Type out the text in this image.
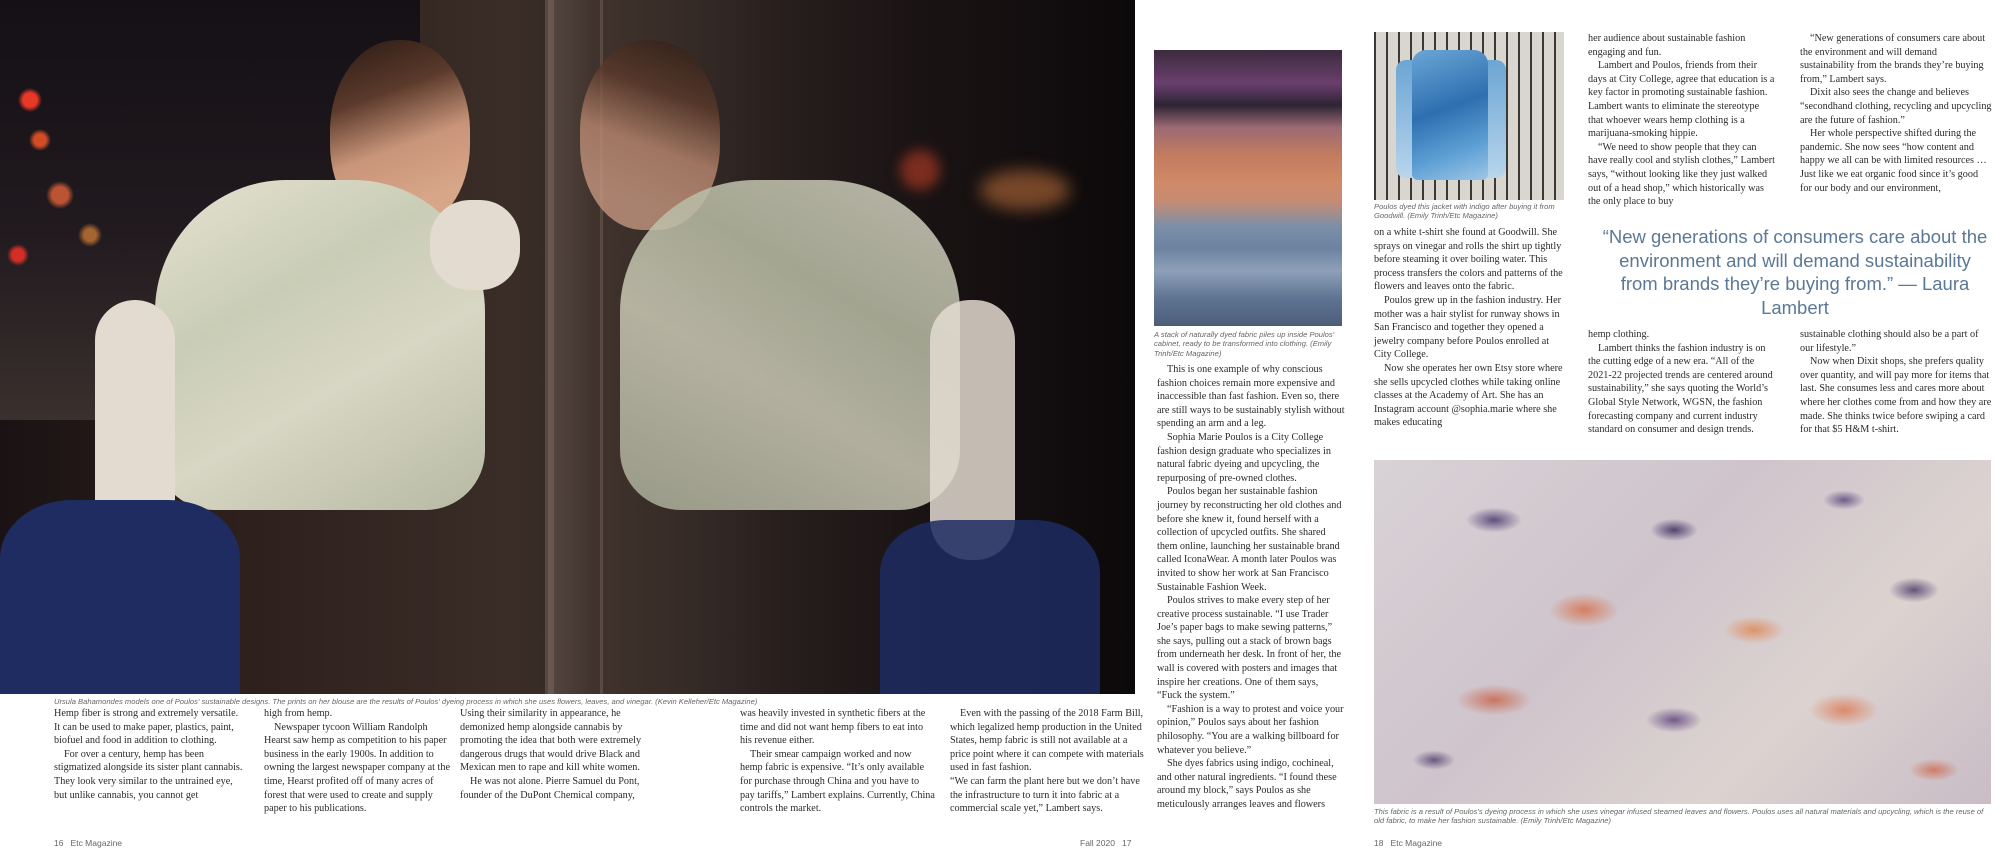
Ursula Bahamondes models one of Poulos' sustainable designs. The prints on her blouse are the results of Poulos' dyeing process in which she uses flowers, leaves, and vinegar. (Kevin Kelleher/Etc Magazine)

Hemp fiber is strong and extremely versatile. It can be used to make paper, plastics, paint, biofuel and food in addition to clothing.

For over a century, hemp has been stigmatized alongside its sister plant cannabis. They look very similar to the untrained eye, but unlike cannabis, you cannot get

high from hemp.

Newspaper tycoon William Randolph Hearst saw hemp as competition to his paper business in the early 1900s. In addition to owning the largest newspaper company at the time, Hearst profited off of many acres of forest that were used to create and supply paper to his publications.

Using their similarity in appearance, he demonized hemp alongside cannabis by promoting the idea that both were extremely dangerous drugs that would drive Black and Mexican men to rape and kill white women.

He was not alone. Pierre Samuel du Pont, founder of the DuPont Chemical company,

was heavily invested in synthetic fibers at the time and did not want hemp fibers to eat into his revenue either.

Their smear campaign worked and now hemp fabric is expensive. “It’s only available for purchase through China and you have to pay tariffs,” Lambert explains. Currently, China controls the market.

Even with the passing of the 2018 Farm Bill, which legalized hemp production in the United States, hemp fabric is still not available at a price point where it can compete with materials used in fast fashion.

“We can farm the plant here but we don’t have the infrastructure to turn it into fabric at a commercial scale yet,” Lambert says.

16   Etc Magazine	Fall 2020   17
A stack of naturally dyed fabric piles up inside Poulos' cabinet, ready to be transformed into clothing. (Emily Trinh/Etc Magazine)

This is one example of why conscious fashion choices remain more expensive and inaccessible than fast fashion. Even so, there are still ways to be sustainably stylish without spending an arm and a leg.

Sophia Marie Poulos is a City College fashion design graduate who specializes in natural fabric dyeing and upcycling, the repurposing of pre-owned clothes.

Poulos began her sustainable fashion journey by reconstructing her old clothes and before she knew it, found herself with a collection of upcycled outfits. She shared them online, launching her sustainable brand called IconaWear. A month later Poulos was invited to show her work at San Francisco Sustainable Fashion Week.

Poulos strives to make every step of her creative process sustainable. “I use Trader Joe’s paper bags to make sewing patterns,” she says, pulling out a stack of brown bags from underneath her desk. In front of her, the wall is covered with posters and images that inspire her creations. One of them says, “Fuck the system.”

“Fashion is a way to protest and voice your opinion,” Poulos says about her fashion philosophy. “You are a walking billboard for whatever you believe.”

She dyes fabrics using indigo, cochineal, and other natural ingredients. “I found these around my block,” says Poulos as she meticulously arranges leaves and flowers

Poulos dyed this jacket with indigo after buying it from Goodwill. (Emily Trinh/Etc Magazine)

on a white t-shirt she found at Goodwill. She sprays on vinegar and rolls the shirt up tightly before steaming it over boiling water. This process transfers the colors and patterns of the flowers and leaves onto the fabric.

Poulos grew up in the fashion industry. Her mother was a hair stylist for runway shows in San Francisco and together they opened a jewelry company before Poulos enrolled at City College.

Now she operates her own Etsy store where she sells upcycled clothes while taking online classes at the Academy of Art. She has an Instagram account @sophia.marie where she makes educating

her audience about sustainable fashion engaging and fun.

Lambert and Poulos, friends from their days at City College, agree that education is a key factor in promoting sustainable fashion. Lambert wants to eliminate the stereotype that whoever wears hemp clothing is a marijuana-smoking hippie.

“We need to show people that they can have really cool and stylish clothes,” Lambert says, “without looking like they just walked out of a head shop,” which historically was the only place to buy

“New generations of consumers care about the environment and will demand sustainability from the brands they’re buying from,” Lambert says.

Dixit also sees the change and believes “secondhand clothing, recycling and upcycling are the future of fashion.”

Her whole perspective shifted during the pandemic. She now sees “how content and happy we all can be with limited resources … Just like we eat organic food since it’s good for our body and our environment,

“New generations of consumers care about the environment and will demand sustainability from brands they’re buying from.” — Laura Lambert

hemp clothing.

Lambert thinks the fashion industry is on the cutting edge of a new era. “All of the 2021-22 projected trends are centered around sustainability,” she says quoting the World’s Global Style Network, WGSN, the fashion forecasting company and current industry standard on consumer and design trends.

sustainable clothing should also be a part of our lifestyle.”

Now when Dixit shops, she prefers quality over quantity, and will pay more for items that last. She consumes less and cares more about where her clothes come from and how they are made. She thinks twice before swiping a card for that $5 H&M t-shirt.

This fabric is a result of Poulos's dyeing process in which she uses vinegar infused steamed leaves and flowers. Poulos uses all natural materials and upcycling, which is the reuse of old fabric, to make her fashion sustainable. (Emily Trinh/Etc Magazine)
18   Etc Magazine
